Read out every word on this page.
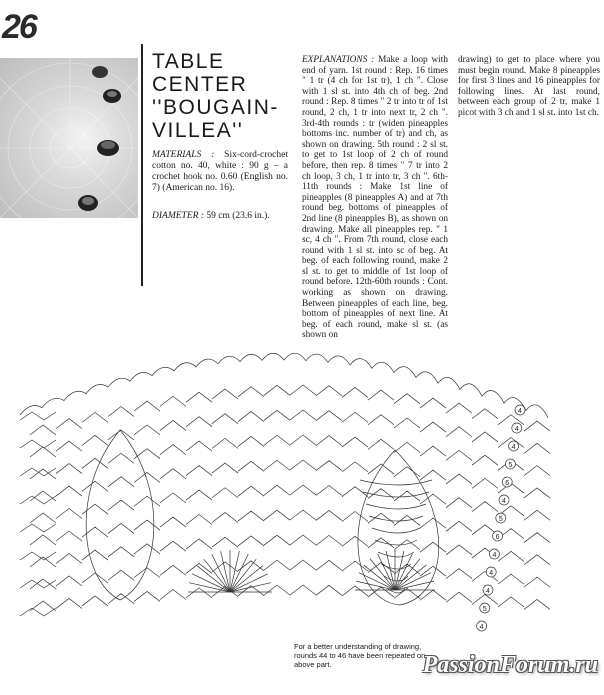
26
TABLE
CENTER
''BOUGAIN-
VILLEA''
MATERIALS : Six-cord-crochet cotton no. 40, white : 90 g – a crochet hook no. 0.60 (English no. 7) (American no. 16).
DIAMETER : 59 cm (23.6 in.).
EXPLANATIONS : Make a loop with end of yarn. 1st round : Rep. 16 times " 1 tr (4 ch for 1st tr), 1 ch ". Close with 1 sl st. into 4th ch of beg. 2nd round : Rep. 8 times " 2 tr into tr of 1st round, 2 ch, 1 tr into next tr, 2 ch ". 3rd-4th rounds : tr (widen pineapples bottoms inc. number of tr) and ch, as shown on drawing. 5th round : 2 sl st. to get to 1st loop of 2 ch of round before, then rep. 8 times " 7 tr into 2 ch loop, 3 ch, 1 tr into tr, 3 ch ". 6th-11th rounds : Make 1st line of pineapples (8 pineapples A) and at 7th round beg. bottoms of pineapples of 2nd line (8 pineapples B), as shown on drawing. Make all pineapples rep. " 1 sc, 4 ch ". From 7th round, close each round with 1 sl st. into sc of beg. At beg. of each following round, make 2 sl st. to get to middle of 1st loop of round before. 12th-60th rounds : Cont. working as shown on drawing. Between pineapples of each line, beg. bottom of pineapples of next line. At beg. of each round, make sl st. (as shown on
drawing) to get to place where you must begin round. Make 8 pineapples for first 3 lines and 16 pineapples for following lines. At last round, between each group of 2 tr, make 1 picot with 3 ch and 1 sl st. into 1st ch.
4
4
4
5
6
4
5
6
4
4
4
5
4
For a better understanding of drawing, rounds 44 to 46 have been repeated on above part.	PassionForum.ru
